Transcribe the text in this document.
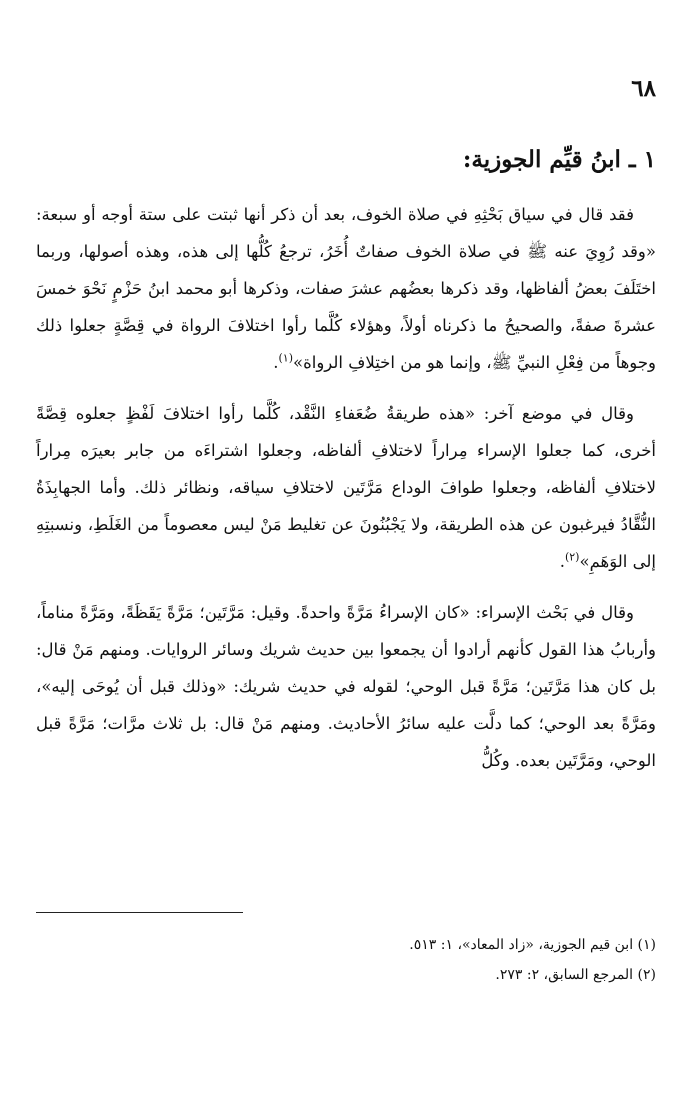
٦٨
١ ـ ابنُ قيِّم الجوزية:

فقد قال في سياق بَحْثِهِ في صلاة الخوف، بعد أن ذكر أنها ثبتت على ستة أوجه أو سبعة: «وقد رُوِيَ عنه ﷺ في صلاة الخوف صفاتٌ أُخَرُ، ترجعُ كُلُّها إلى هذه، وهذه أصولها، وربما اختَلَفَ بعضُ ألفاظها، وقد ذكرها بعضُهم عشرَ صفات، وذكرها أبو محمد ابنُ حَزْمٍ نَحْوَ خمسَ عشرةَ صفةً، والصحيحُ ما ذكرناه أولاً، وهؤلاء كُلَّما رأوا اختلافَ الرواة في قِصَّةٍ جعلوا ذلك وجوهاً من فِعْلِ النبيِّ ﷺ، وإنما هو من اختِلافِ الرواة»$^{(١)}$.

وقال في موضع آخر: «هذه طريقةُ ضُعَفاءِ النَّقْد، كُلَّما رأوا اختلافَ لَفْظٍ جعلوه قِصَّةً أخرى، كما جعلوا الإسراء مِراراً لاختلافِ ألفاظه، وجعلوا اشتراءَه من جابر بعيرَه مِراراً لاختلافِ ألفاظه، وجعلوا طوافَ الوداع مَرَّتَين لاختلافِ سياقه، ونظائر ذلك. وأما الجهابِذَةُ النُّقَّادُ فيرغبون عن هذه الطريقة، ولا يَجْبُنُونَ عن تغليط مَنْ ليس معصوماً من الغَلَطِ، ونسبتِهِ إلى الوَهَمِ»$^{(٢)}$.

وقال في بَحْث الإسراء: «كان الإسراءُ مَرَّةً واحدةً. وقيل: مَرَّتَين؛ مَرَّةً يَقَظَةً، ومَرَّةً مناماً، وأربابُ هذا القول كأنهم أرادوا أن يجمعوا بين حديث شريك وسائر الروايات. ومنهم مَنْ قال: بل كان هذا مَرَّتَين؛ مَرَّةً قبل الوحي؛ لقوله في حديث شريك: «وذلك قبل أن يُوحَى إليه»، ومَرَّةً بعد الوحي؛ كما دلَّت عليه سائرُ الأحاديث. ومنهم مَنْ قال: بل ثلاث مرَّات؛ مَرَّةً قبل الوحي، ومَرَّتَين بعده. وكُلُّ

(١) ابن قيم الجوزية، «زاد المعاد»، ١: ٥١٣.

(٢) المرجع السابق، ٢: ٢٧٣.
